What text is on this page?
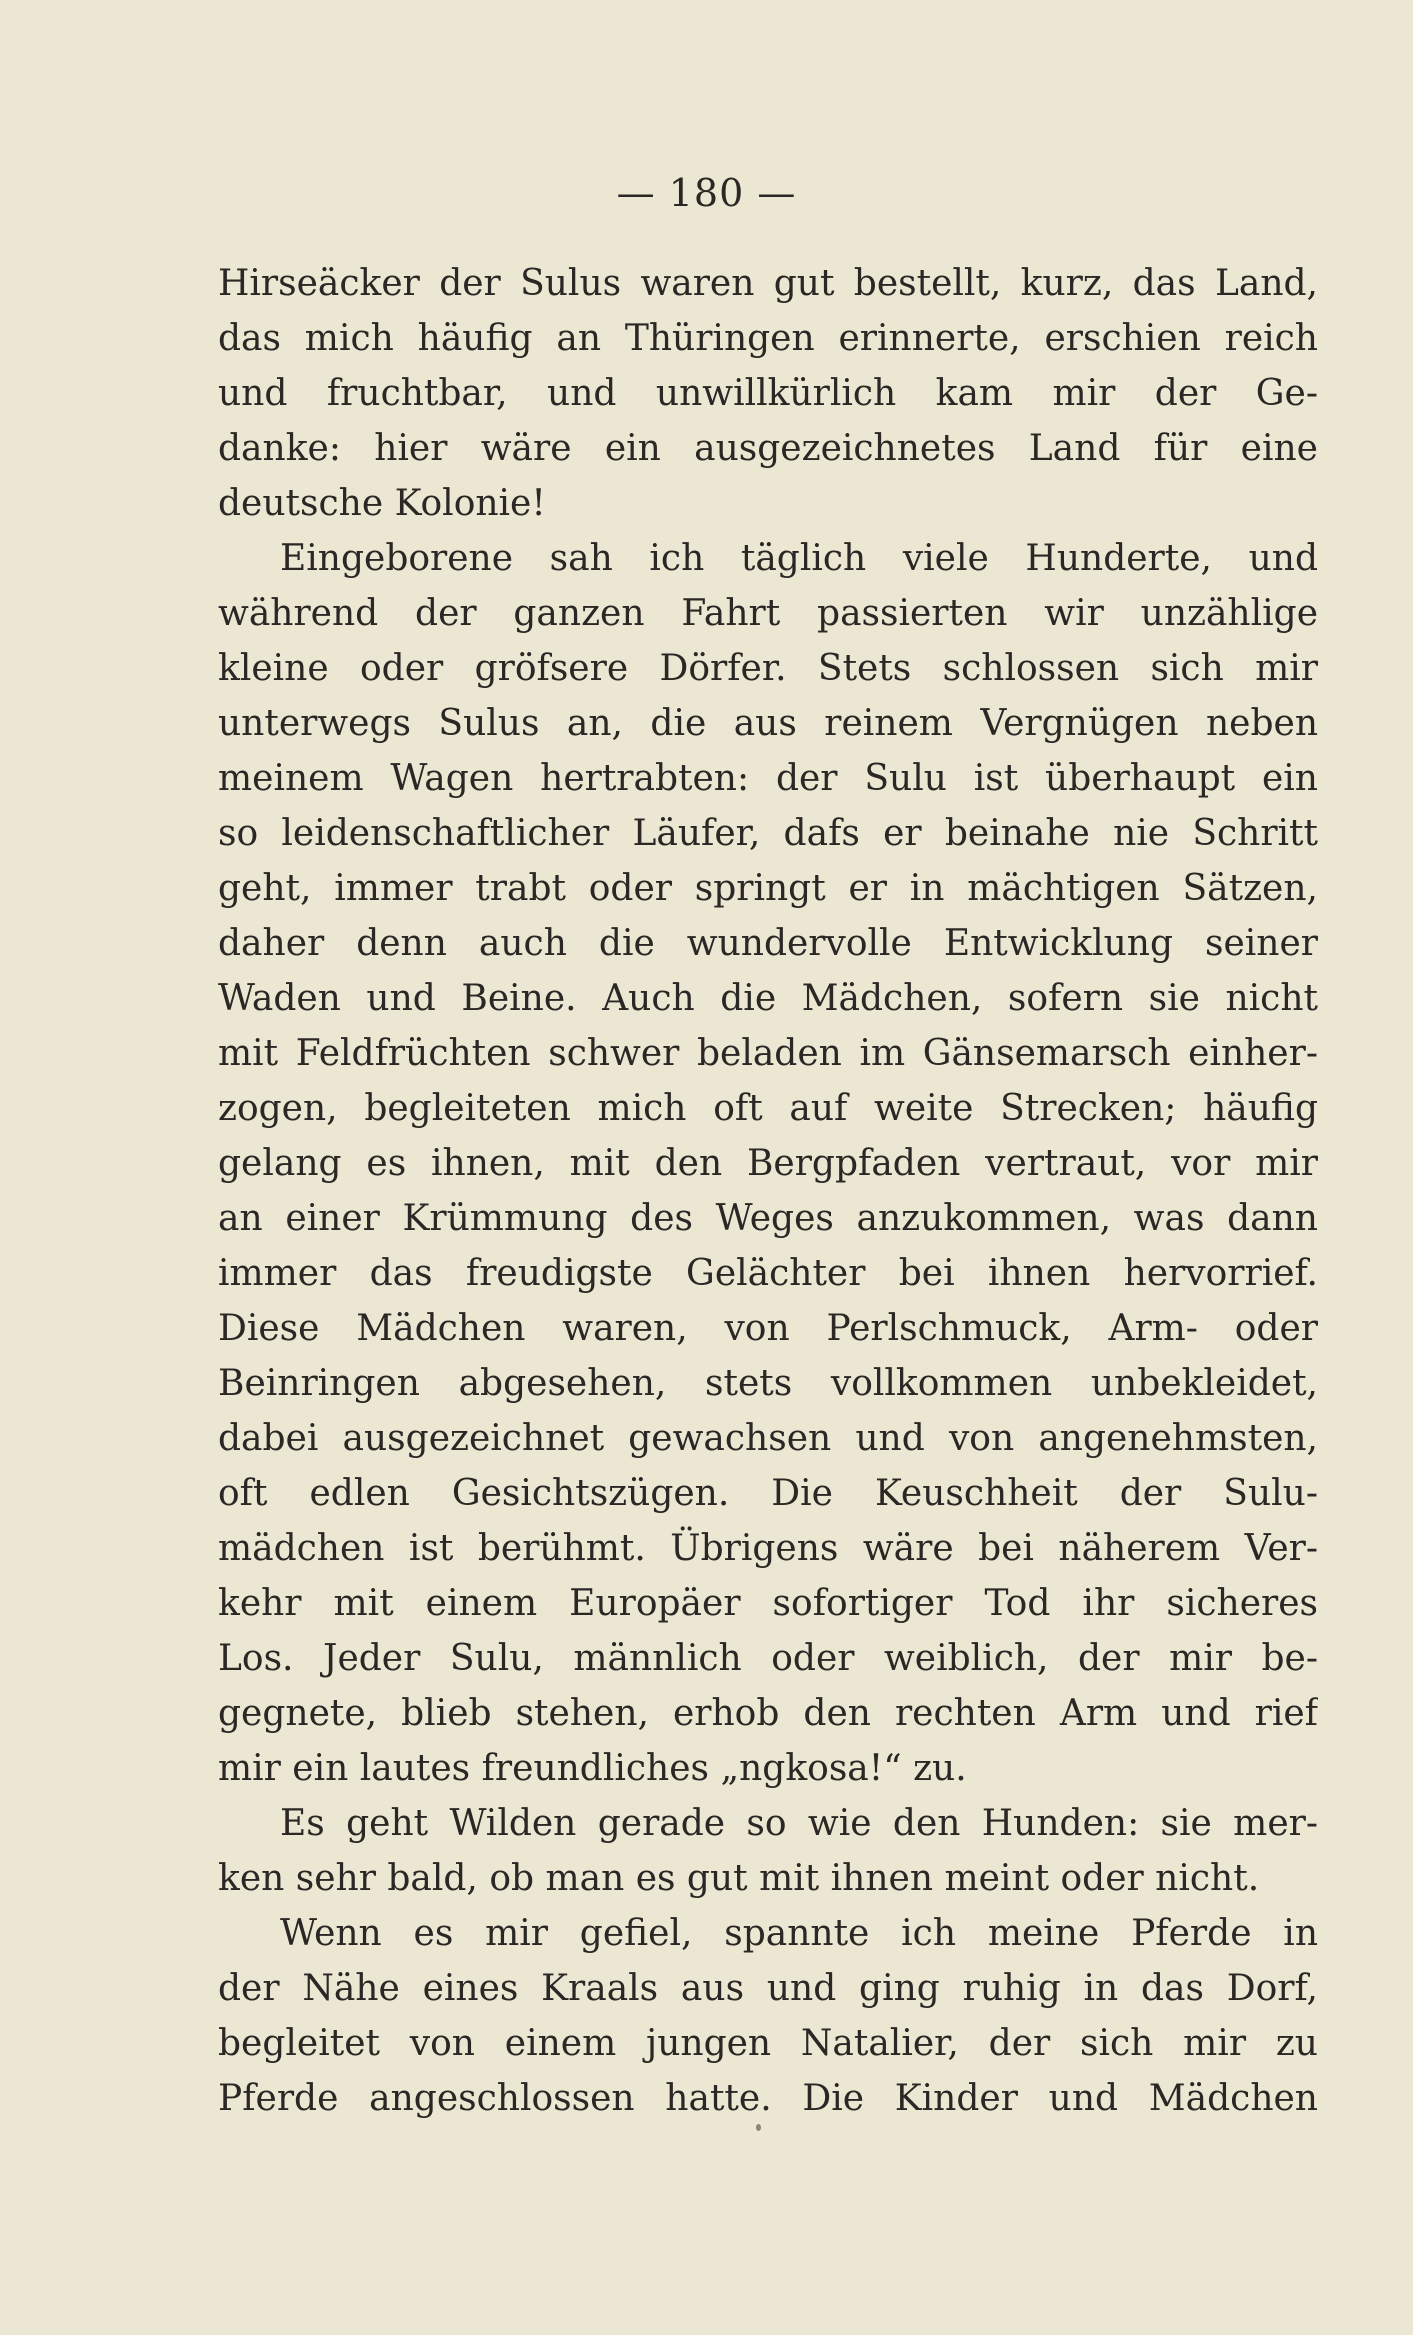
— 180 —
Hirseäcker der Sulus waren gut bestellt, kurz, das Land,
das mich häufig an Thüringen erinnerte, erschien reich
und fruchtbar, und unwillkürlich kam mir der Ge-
danke: hier wäre ein ausgezeichnetes Land für eine
deutsche Kolonie!
Eingeborene sah ich täglich viele Hunderte, und
während der ganzen Fahrt passierten wir unzählige
kleine oder gröfsere Dörfer. Stets schlossen sich mir
unterwegs Sulus an, die aus reinem Vergnügen neben
meinem Wagen hertrabten: der Sulu ist überhaupt ein
so leidenschaftlicher Läufer, dafs er beinahe nie Schritt
geht, immer trabt oder springt er in mächtigen Sätzen,
daher denn auch die wundervolle Entwicklung seiner
Waden und Beine. Auch die Mädchen, sofern sie nicht
mit Feldfrüchten schwer beladen im Gänsemarsch einher-
zogen, begleiteten mich oft auf weite Strecken; häufig
gelang es ihnen, mit den Bergpfaden vertraut, vor mir
an einer Krümmung des Weges anzukommen, was dann
immer das freudigste Gelächter bei ihnen hervorrief.
Diese Mädchen waren, von Perlschmuck, Arm- oder
Beinringen abgesehen, stets vollkommen unbekleidet,
dabei ausgezeichnet gewachsen und von angenehmsten,
oft edlen Gesichtszügen. Die Keuschheit der Sulu-
mädchen ist berühmt. Übrigens wäre bei näherem Ver-
kehr mit einem Europäer sofortiger Tod ihr sicheres
Los. Jeder Sulu, männlich oder weiblich, der mir be-
gegnete, blieb stehen, erhob den rechten Arm und rief
mir ein lautes freundliches „ngkosa!“ zu.
Es geht Wilden gerade so wie den Hunden: sie mer-
ken sehr bald, ob man es gut mit ihnen meint oder nicht.
Wenn es mir gefiel, spannte ich meine Pferde in
der Nähe eines Kraals aus und ging ruhig in das Dorf,
begleitet von einem jungen Natalier, der sich mir zu
Pferde angeschlossen hatte. Die Kinder und Mädchen
